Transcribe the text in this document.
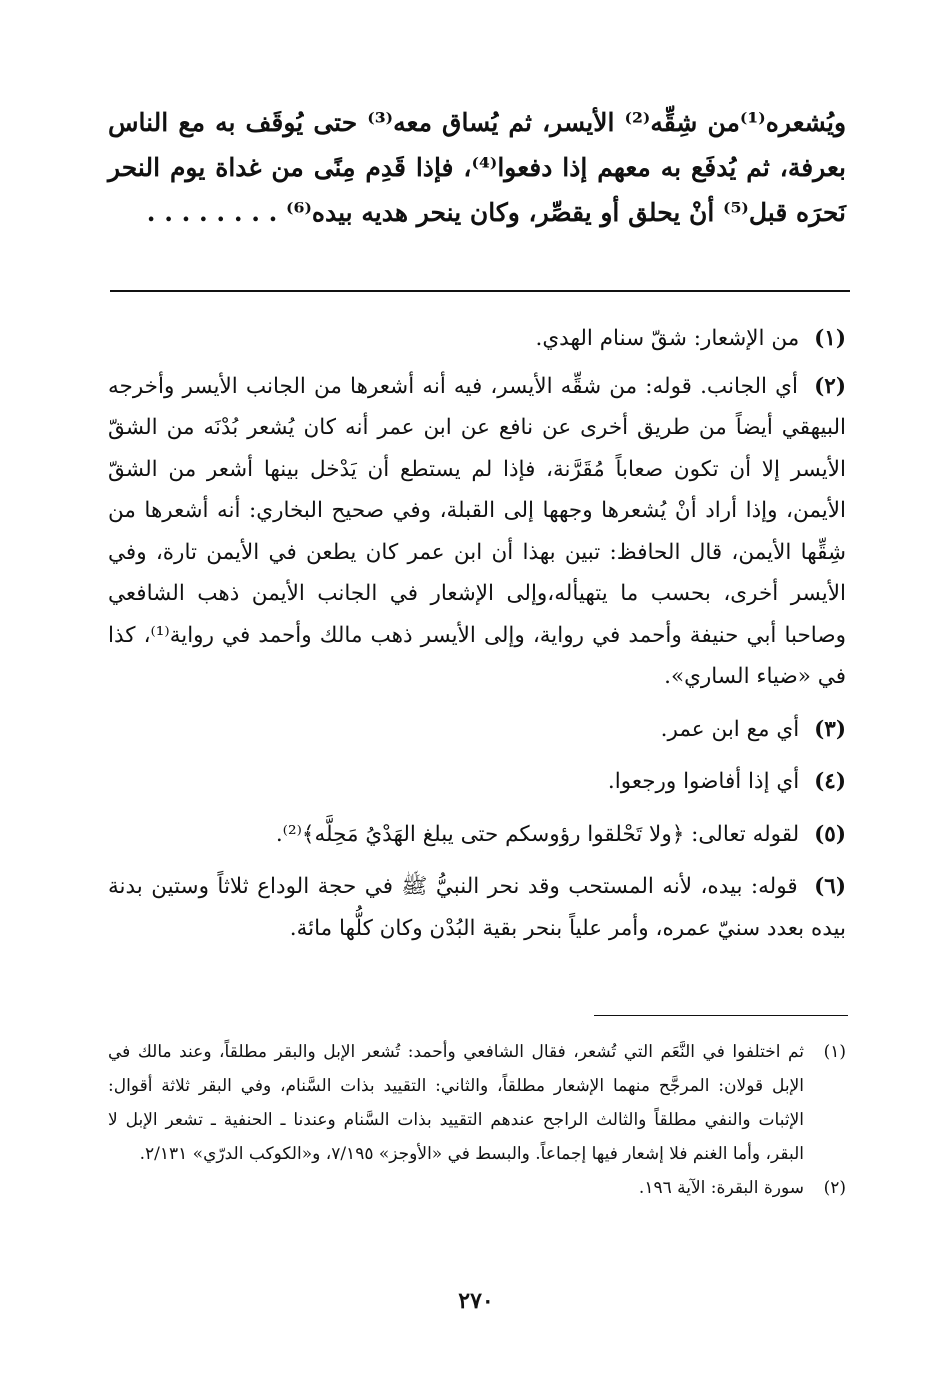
ويُشعره⁽¹⁾من شِقِّه⁽²⁾ الأيسر، ثم يُساق معه⁽³⁾ حتى يُوقَف به مع الناس بعرفة، ثم يُدفَع به معهم إذا دفعوا⁽⁴⁾، فإذا قَدِم مِنًى من غداة يوم النحر نَحرَه قبل⁽⁵⁾ أنْ يحلق أو يقصِّر، وكان ينحر هديه بيده⁽⁶⁾ . . . . . . . .

(١) من الإشعار: شقّ سنام الهدي.

(٢) أي الجانب. قوله: من شقِّه الأيسر، فيه أنه أشعرها من الجانب الأيسر وأخرجه البيهقي أيضاً من طريق أخرى عن نافع عن ابن عمر أنه كان يُشعر بُدْنَه من الشقّ الأيسر إلا أن تكون صعاباً مُقَرَّنة، فإذا لم يستطع أن يَدْخل بينها أشعر من الشقّ الأيمن، وإذا أراد أنْ يُشعرها وجهها إلى القبلة، وفي صحيح البخاري: أنه أشعرها من شِقِّها الأيمن، قال الحافظ: تبين بهذا أن ابن عمر كان يطعن في الأيمن تارة، وفي الأيسر أخرى، بحسب ما يتهيأله،وإلى الإشعار في الجانب الأيمن ذهب الشافعي وصاحبا أبي حنيفة وأحمد في رواية، وإلى الأيسر ذهب مالك وأحمد في رواية⁽¹⁾، كذا في «ضياء الساري».

(٣) أي مع ابن عمر.

(٤) أي إذا أفاضوا ورجعوا.

(٥) لقوله تعالى: ﴿ولا تَحْلقوا رؤوسكم حتى يبلغ الهَدْيُ مَحِلَّه﴾⁽²⁾.

(٦) قوله: بيده، لأنه المستحب وقد نحر النبيُّ ﷺ في حجة الوداع ثلاثاً وستين بدنة بيده بعدد سنيّ عمره، وأمر علياً بنحر بقية البُدْن وكان كلُّها مائة.

(١)
ثم اختلفوا في النَّعَم التي تُشعر، فقال الشافعي وأحمد: تُشعر الإبل والبقر مطلقاً، وعند مالك في الإبل قولان: المرجَّح منهما الإشعار مطلقاً، والثاني: التقييد بذات السَّنام، وفي البقر ثلاثة أقوال: الإثبات والنفي مطلقاً والثالث الراجح عندهم التقييد بذات السَّنام وعندنا ـ الحنفية ـ تشعر الإبل لا البقر، وأما الغنم فلا إشعار فيها إجماعاً. والبسط في «الأوجز» ٧/١٩٥، و«الكوكب الدرّي» ٢/١٣١.
(٢)
سورة البقرة: الآية ١٩٦.
٢٧٠
